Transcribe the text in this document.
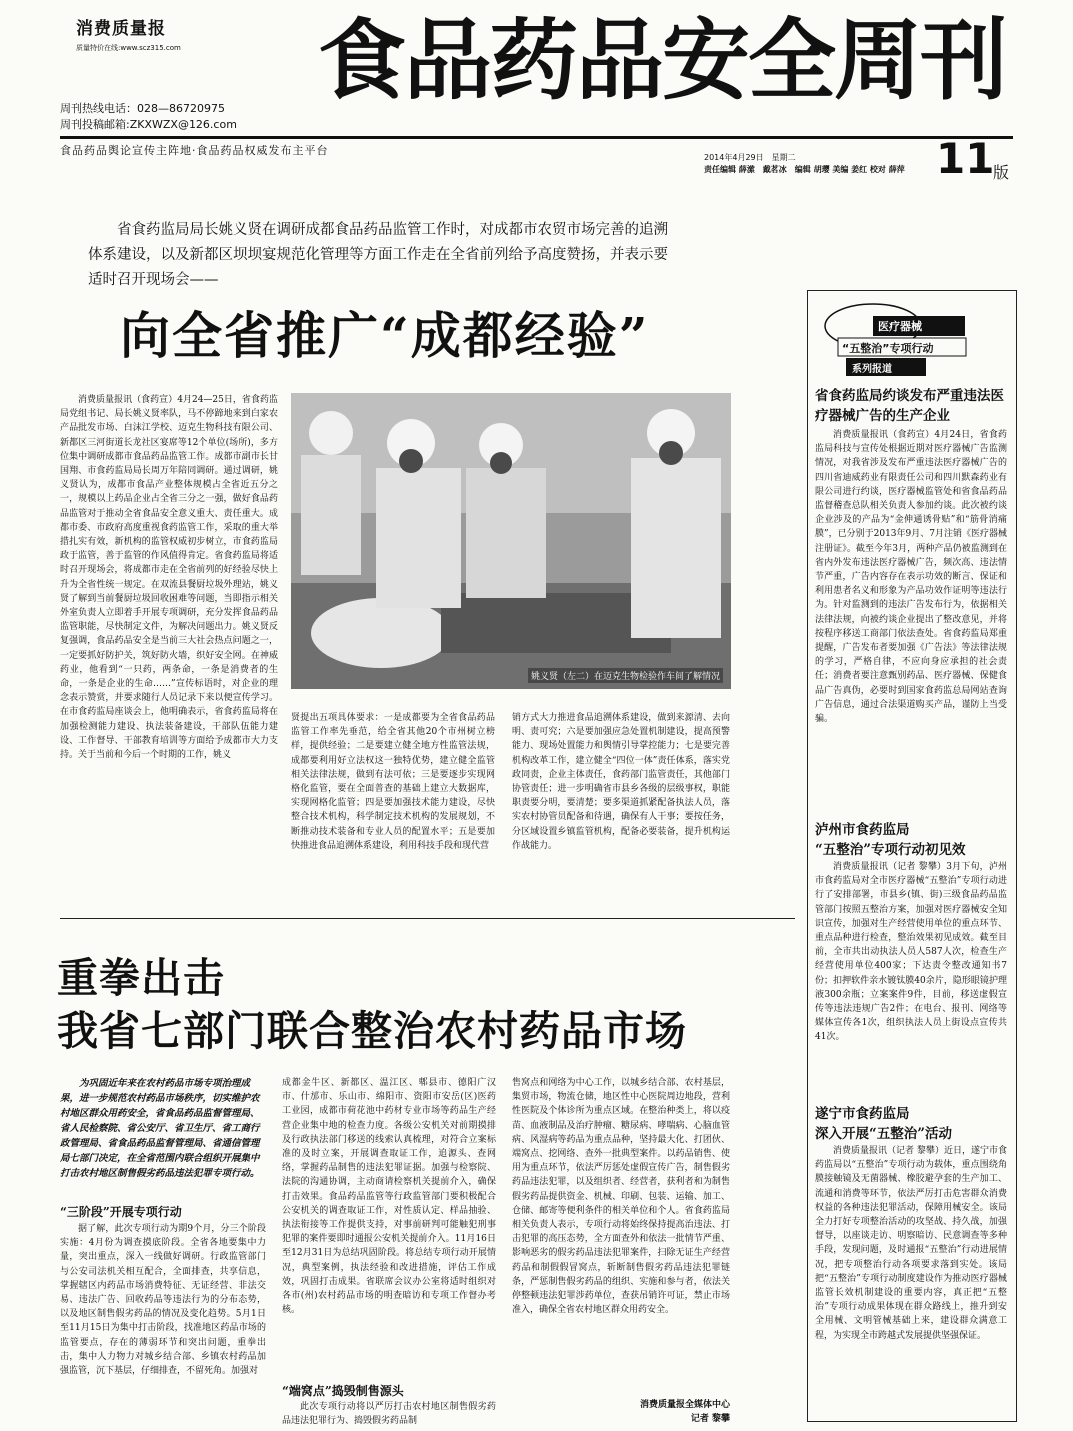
消费质量报
质量特价在线:www.scz315.com 食品药品安全周刊
周刊热线电话：028—86720975
周刊投稿邮箱:ZKXWZX@126.com
食品药品舆论宣传主阵地·食品药品权威发布主平台
2014年4月29日　星期二
责任编辑 薛潆　戴茗冰　编辑 胡璎 美编 姜红 校对 薛萍 11
版
省食药监局局长姚义贤在调研成都食品药品监管工作时，对成都市农贸市场完善的追溯体系建设，以及新都区坝坝宴规范化管理等方面工作走在全省前列给予高度赞扬，并表示要适时召开现场会——
向全省推广“成都经验”
消费质量报讯（食药宣）4月24—25日，省食药监局党组书记、局长姚义贤率队，马不停蹄地来到白家农产品批发市场、白沫江学校、迈克生物科技有限公司、新都区三河街道长龙社区宴席等12个单位(场所)，多方位集中调研成都市食品药品监管工作。成都市副市长甘国翔、市食药监局局长周万年陪同调研。通过调研，姚义贤认为，成都市食品产业整体规模占全省近五分之一，规模以上药品企业占全省三分之一强，做好食品药品监管对于推动全省食品安全意义重大、责任重大。成都市委、市政府高度重视食药监管工作，采取的重大举措扎实有效，新机构的监管权威初步树立，市食药监局政于监管，善于监管的作风值得肯定。省食药监局将适时召开现场会，将成都市走在全省前列的好经验尽快上升为全省性统一规定。在双流县餐厨垃圾外理站，姚义贤了解到当前餐厨垃圾回收困难等问题，当即指示相关外室负责人立即着手开展专项调研，充分发挥食品药品监管职能，尽快制定文件，为解决问题出力。姚义贤反复强调，食品药品安全是当前三大社会热点问题之一，一定要抓好防护关，筑好防火墙，织好安全网。在神威药业，他看到“一只药，两条命，一条是消费者的生命，一条是企业的生命……”宣传标语时，对企业的理念表示赞赏，并要求随行人员记录下来以便宣传学习。在市食药监局座谈会上，他明确表示，省食药监局将在加强检测能力建设、执法装备建设，干部队伍能力建设、工作督导、干部教育培训等方面给予成都市大力支持。关于当前和今后一个时期的工作，姚义
姚义贤（左二）在迈克生物检验作车间了解情况
贤提出五项具体要求：一是成都要为全省食品药品监管工作率先垂范，给全省其他20个市州树立榜样，提供经验；二是要建立健全地方性监管法规，成都要利用好立法权这一独特优势，建立健全监管相关法律法规，做到有法可依；三是要逐步实现网格化监管，要在全面普查的基础上建立大数据库，实现网格化监管；四是要加强技术能力建设，尽快整合技术机构，科学制定技术机构的发展规划，不断推动技术装备和专业人员的配置水平；五是要加快推进食品追溯体系建设，利用科技手段和现代营
销方式大力推进食品追溯体系建设，做到来源清、去向明、责可究；六是要加强应急处置机制建设，提高预警能力、现场处置能力和舆情引导掌控能力；七是要完善机构改革工作，建立健全“四位一体”责任体系，落实党政同责，企业主体责任，食药部门监管责任，其他部门协管责任；进一步明确省市县乡各级的层级事权，职能职责要分明，要清楚；要多渠道抓紧配备执法人员，落实农村协管员配备和待遇，确保有人干事；要按任务，分区域设置乡镇监管机构，配备必要装备，提升机构运作战能力。
重拳出击
我省七部门联合整治农村药品市场
为巩固近年来在农村药品市场专项治理成果，进一步规范农村药品市场秩序，切实维护农村地区群众用药安全，省食品药品监督管理局、省人民检察院、省公安厅、省卫生厅、省工商行政管理局、省食品药品监督管理局、省通信管理局七部门决定，在全省范围内联合组织开展集中打击农村地区制售假劣药品违法犯罪专项行动。
“三阶段”开展专项行动
据了解，此次专项行动为期9个月，分三个阶段实施：4月份为调查摸底阶段。全省各地要集中力量，突出重点，深入一线做好调研。行政监管部门与公安司法机关相互配合，全面排查，共享信息，掌握辖区内药品市场消费特征、无证经营、非法交易、违法广告、回收药品等违法行为的分布态势，以及地区制售假劣药品的情况及变化趋势。5月1日至11月15日为集中打击阶段，找准地区药品市场的监管要点，存在的薄弱环节和突出问题，重拳出击，集中人力物力对城乡结合部、乡镇农村药品加强监管，沉下基层，仔细排查，不留死角。加强对
成都金牛区、新都区、温江区、郫县市、德阳广汉市、什邡市、乐山市、绵阳市、资阳市安岳(区)医药工业园，成都市荷花池中药材专业市场等药品生产经营企业集中地的检查力度。各级公安机关对前期摸排及行政执法部门移送的线索认真梳理，对符合立案标准的及时立案，开展调查取证工作，追源头、查网络，掌握药品制售的违法犯罪证据。加强与检察院、法院的沟通协调，主动商请检察机关提前介入，确保打击效果。食品药品监管等行政监管部门要积极配合公安机关的调查取证工作，对性质认定、样品抽验、执法衔接等工作提供支持，对事前研判可能触犯刑事犯罪的案件要即时通报公安机关提前介入。11月16日至12月31日为总结巩固阶段。将总结专项行动开展情况，典型案例，执法经验和改进措施，评估工作成效，巩固打击成果。省联席会议办公室将适时组织对各市(州)农村药品市场的明查暗访和专项工作督办考核。
“端窝点”捣毁制售源头
此次专项行动将以严厉打击农村地区制售假劣药品违法犯罪行为、捣毁假劣药品制
售窝点和网络为中心工作，以城乡结合部、农村基层，集贸市场，物流仓储，地区性中心医院周边地段，营利性医院及个体诊所为重点区域。在整治种类上，将以疫苗、血液制品及治疗肿瘤、糖尿病、哮喘病、心脑血管病、风湿病等药品为重点品种，坚持最大化、打团伙、端窝点、挖网络、查外一批典型案件。以药品销售、使用为重点环节，依法严厉惩处虚假宣传广告，制售假劣药品违法犯罪，以及组织者、经营者，获利者和为制售假劣药品提供资金、机械、印刷、包装、运输、加工、仓储、邮寄等便利条件的相关单位和个人。省食药监局相关负责人表示，专项行动将始终保持提高治违法、打击犯罪的高压态势，全方面查外和依法一批情节严重、影响恶劣的假劣药品违法犯罪案件，扫除无证生产经营药品和制假假冒窝点，斩断制售假劣药品违法犯罪链条，严惩制售假劣药品的组织、实施和参与者，依法关停整顿违法犯罪涉药单位，查获吊销许可证，禁止市场准入，确保全省农村地区群众用药安全。
消费质量报全媒体中心
记者 黎攀
医疗器械
“五整治”专项行动
系列报道
省食药监局约谈发布严重违法医疗器械广告的生产企业
消费质量报讯（食药宣）4月24日，省食药监局科技与宣传处根据近期对医疗器械广告监测情况，对我省涉及发布严重违法医疗器械广告的四川省迪威药业有限责任公司和四川默森药业有限公司进行约谈，医疗器械监管处和省食品药品监督稽查总队相关负责人参加约谈。此次被约谈企业涉及的产品为“金伸通诱骨贴”和“筋骨消痛膜”，已分别于2013年9月、7月注销《医疗器械注册证》。截至今年3月，两种产品仍被监测到在省内外发布违法医疗器械广告，频次高、违法情节严重，广告内容存在表示功效的断言、保证和利用患者名义和形象为产品功效作证明等违法行为。针对监测到的违法广告发布行为，依据相关法律法规，向被约谈企业提出了整改意见，并将按程序移送工商部门依法查处。省食药监局郑重提醒，广告发布者要加强《广告法》等法律法规的学习，严格自律，不应向身应承担的社会责任；消费者要注意甄别药品、医疗器械、保健食品广告真伪，必要时到国家食药监总局网站查询广告信息，通过合法渠道购买产品，谨防上当受骗。
泸州市食药监局
“五整治”专项行动初见效
消费质量报讯（记者 黎攀）3月下旬，泸州市食药监局对全市医疗器械“五整治”专项行动进行了安排部署，市县乡(镇、街)三级食品药品监管部门按照五整治方案，加强对医疗器械安全知识宣传，加强对生产经营使用单位的重点环节、重点品种进行检查，整治效果初见成效。截至目前，全市共出动执法人员人587人次，检查生产经营使用单位400家；下达责令整改通知书7份；扣押软件亲水镀钛膜40余片，隐形眼镜护理液300余瓶；立案案件9件，目前，移送虚假宣传等违法违规广告2件；在电台、报刊、网络等媒体宣传各1次，组织执法人员上街设点宣传共41次。
遂宁市食药监局
深入开展“五整治”活动
消费质量报讯（记者 黎攀）近日，遂宁市食药监局以“五整治”专项行动为载体，重点围绕角膜接触镜及无菌器械、橡胶避孕套的生产加工、流通和消费等环节，依法严厉打击危害群众消费权益的各种违法犯罪活动，保障用械安全。该局全力打好专项整治活动的攻坚战、持久战，加强督导，以座谈走访、明察暗访、民意调查等多种手段，发现问题，及时通报“五整治”行动进展情况，把专项整治行动各项要求落到实处。该局把“五整治”专项行动制度建设作为推动医疗器械监管长效机制建设的重要内容，真正把“五整治”专项行动成果体现在群众路线上，推升到安全用械、文明管械基础上来，建设群众满意工程，为实现全市跨越式发展提供坚强保证。
